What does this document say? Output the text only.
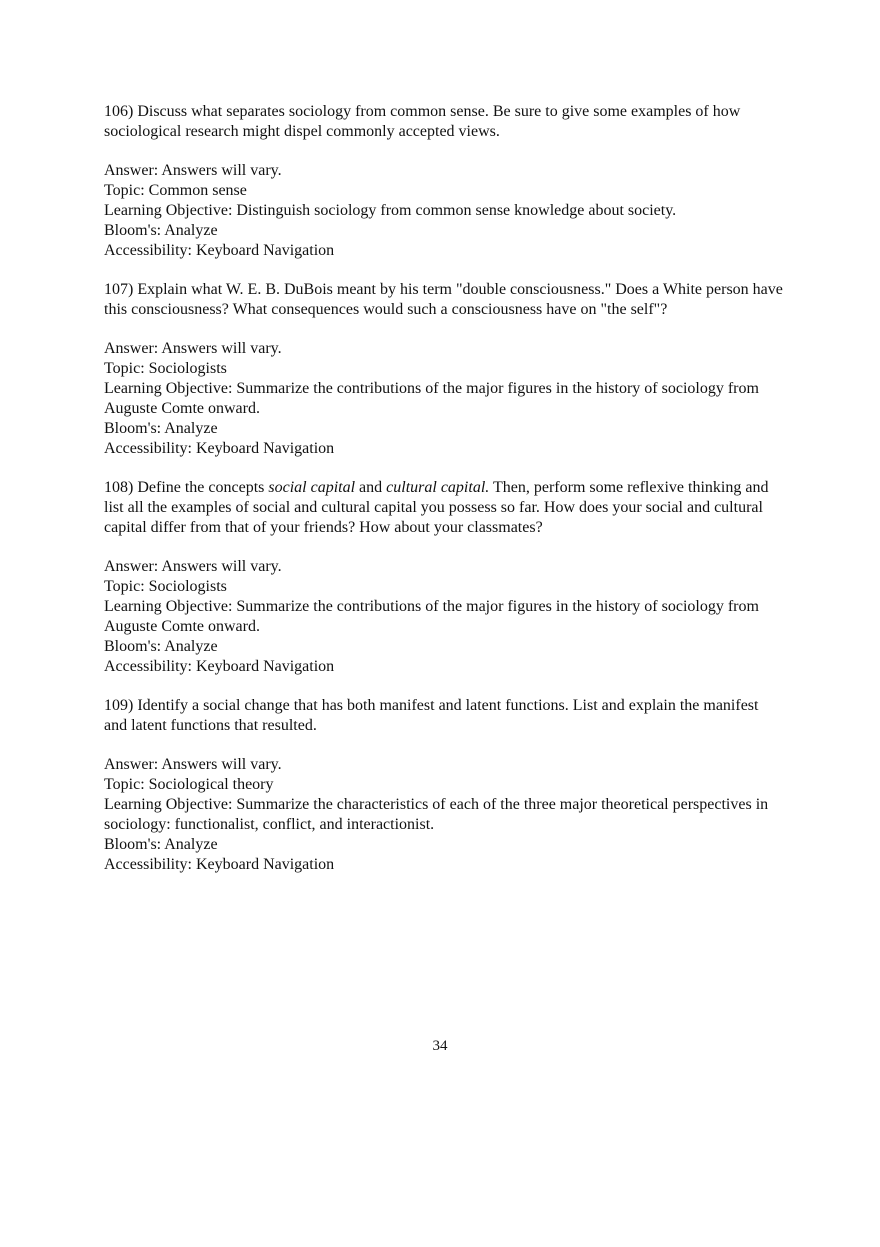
106) Discuss what separates sociology from common sense. Be sure to give some examples of how sociological research might dispel commonly accepted views.

Answer: Answers will vary.

Topic: Common sense

Learning Objective: Distinguish sociology from common sense knowledge about society.

Bloom's: Analyze

Accessibility: Keyboard Navigation

107) Explain what W. E. B. DuBois meant by his term "double consciousness." Does a White person have this consciousness? What consequences would such a consciousness have on "the self"?

Answer: Answers will vary.

Topic: Sociologists

Learning Objective: Summarize the contributions of the major figures in the history of sociology from Auguste Comte onward.

Bloom's: Analyze

Accessibility: Keyboard Navigation

108) Define the concepts social capital and cultural capital. Then, perform some reflexive thinking and list all the examples of social and cultural capital you possess so far. How does your social and cultural capital differ from that of your friends? How about your classmates?

Answer: Answers will vary.

Topic: Sociologists

Learning Objective: Summarize the contributions of the major figures in the history of sociology from Auguste Comte onward.

Bloom's: Analyze

Accessibility: Keyboard Navigation

109) Identify a social change that has both manifest and latent functions. List and explain the manifest and latent functions that resulted.

Answer: Answers will vary.

Topic: Sociological theory

Learning Objective: Summarize the characteristics of each of the three major theoretical perspectives in sociology: functionalist, conflict, and interactionist.

Bloom's: Analyze

Accessibility: Keyboard Navigation

34
